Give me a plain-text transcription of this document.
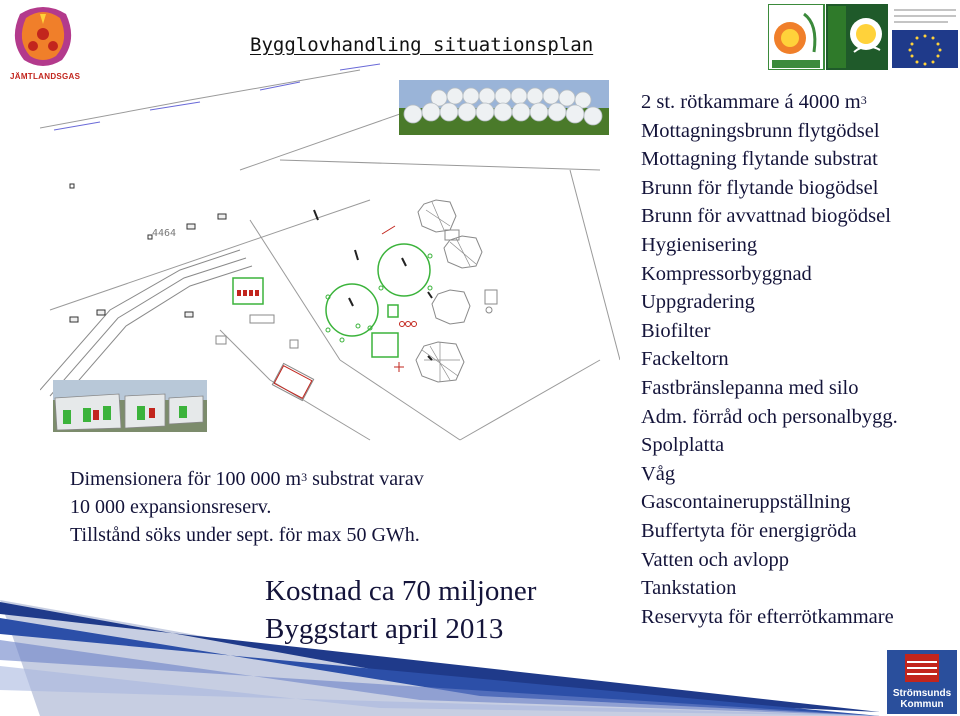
JÄMTLANDSGAS
Bygglovhandling situationsplan
4464
Dimensionera för 100 000 $m^3$ substrat varav
10 000 expansionsreserv.
Tillstånd söks under sept. för max 50 GWh.
Kostnad ca 70 miljoner
Byggstart april 2013
2 st. rötkammare á 4000 $m^3$
Mottagningsbrunn flytgödsel
Mottagning flytande substrat
Brunn för flytande biogödsel
Brunn för avvattnad biogödsel
Hygienisering
Kompressorbyggnad
Uppgradering
Biofilter
Fackeltorn
Fastbränslepanna med silo
Adm. förråd och personalbygg.
Spolplatta
Våg
Gascontaineruppställning
Buffertyta för energigröda
Vatten och avlopp
Tankstation
Reservyta för efterrötkammare
Strömsunds
Kommun
